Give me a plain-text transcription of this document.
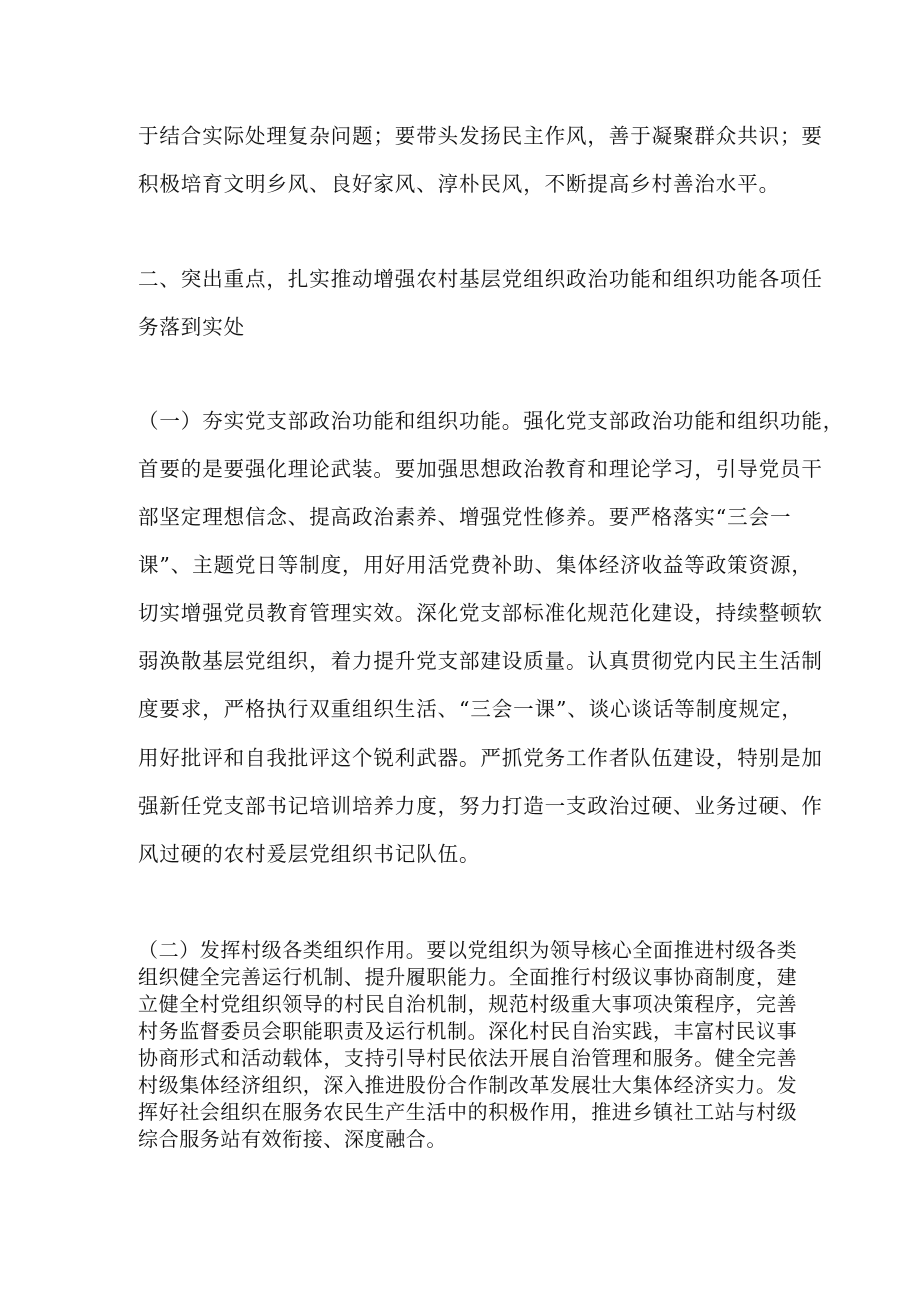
于结合实际处理复杂问题；要带头发扬民主作风，善于凝聚群众共识；要
积极培育文明乡风、良好家风、淳朴民风，不断提高乡村善治水平。
二、突出重点，扎实推动增强农村基层党组织政治功能和组织功能各项任
务落到实处
（一）夯实党支部政治功能和组织功能。强化党支部政治功能和组织功能，
首要的是要强化理论武装。要加强思想政治教育和理论学习，引导党员干
部坚定理想信念、提高政治素养、增强党性修养。要严格落实“三会一
课”、主题党日等制度，用好用活党费补助、集体经济收益等政策资源，
切实增强党员教育管理实效。深化党支部标准化规范化建设，持续整顿软
弱涣散基层党组织，着力提升党支部建设质量。认真贯彻党内民主生活制
度要求，严格执行双重组织生活、“三会一课”、谈心谈话等制度规定，
用好批评和自我批评这个锐利武器。严抓党务工作者队伍建设，特别是加
强新任党支部书记培训培养力度，努力打造一支政治过硬、业务过硬、作
风过硬的农村爰层党组织书记队伍。
（二）发挥村级各类组织作用。要以党组织为领导核心全面推进村级各类
组织健全完善运行机制、提升履职能力。全面推行村级议事协商制度，建
立健全村党组织领导的村民自治机制，规范村级重大事项决策程序，完善
村务监督委员会职能职责及运行机制。深化村民自治实践，丰富村民议事
协商形式和活动载体，支持引导村民依法开展自治管理和服务。健全完善
村级集体经济组织，深入推进股份合作制改革发展壮大集体经济实力。发
挥好社会组织在服务农民生产生活中的积极作用，推进乡镇社工站与村级
综合服务站有效衔接、深度融合。
